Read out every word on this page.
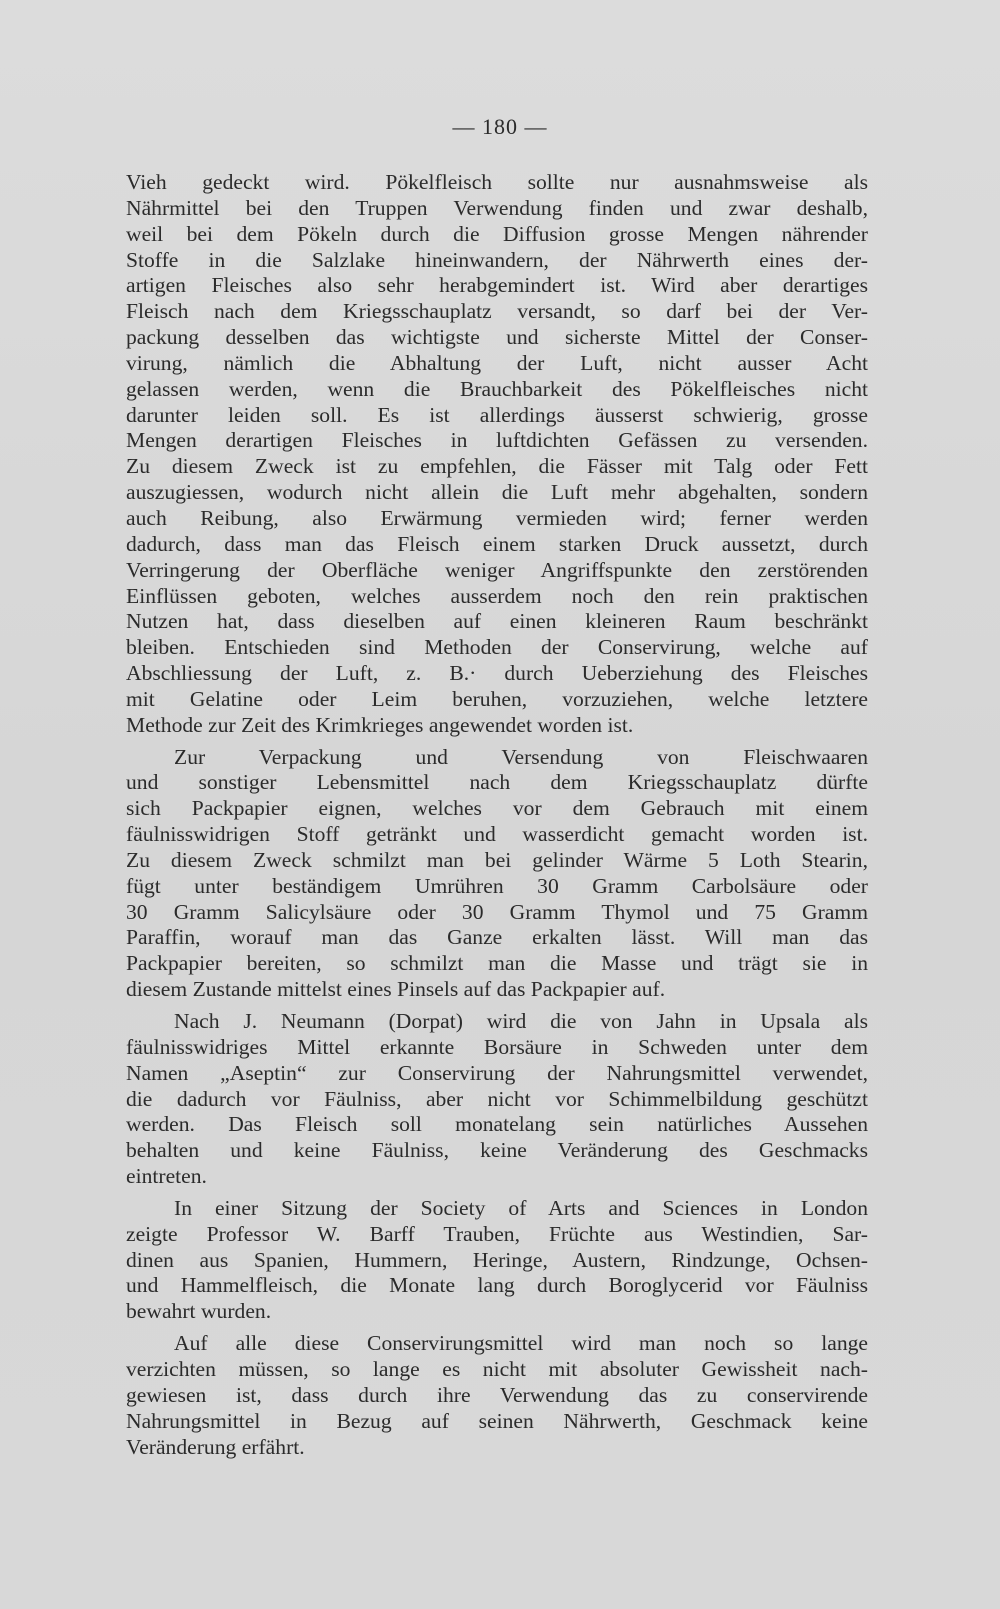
— 180 —
Vieh gedeckt wird. Pökelfleisch sollte nur ausnahmsweise als
Nährmittel bei den Truppen Verwendung finden und zwar deshalb,
weil bei dem Pökeln durch die Diffusion grosse Mengen nährender
Stoffe in die Salzlake hineinwandern, der Nährwerth eines der-
artigen Fleisches also sehr herabgemindert ist. Wird aber derartiges
Fleisch nach dem Kriegsschauplatz versandt, so darf bei der Ver-
packung desselben das wichtigste und sicherste Mittel der Conser-
virung, nämlich die Abhaltung der Luft, nicht ausser Acht
gelassen werden, wenn die Brauchbarkeit des Pökelfleisches nicht
darunter leiden soll. Es ist allerdings äusserst schwierig, grosse
Mengen derartigen Fleisches in luftdichten Gefässen zu versenden.
Zu diesem Zweck ist zu empfehlen, die Fässer mit Talg oder Fett
auszugiessen, wodurch nicht allein die Luft mehr abgehalten, sondern
auch Reibung, also Erwärmung vermieden wird; ferner werden
dadurch, dass man das Fleisch einem starken Druck aussetzt, durch
Verringerung der Oberfläche weniger Angriffspunkte den zerstörenden
Einflüssen geboten, welches ausserdem noch den rein praktischen
Nutzen hat, dass dieselben auf einen kleineren Raum beschränkt
bleiben. Entschieden sind Methoden der Conservirung, welche auf
Abschliessung der Luft, z. B.· durch Ueberziehung des Fleisches
mit Gelatine oder Leim beruhen, vorzuziehen, welche letztere
Methode zur Zeit des Krimkrieges angewendet worden ist.
Zur Verpackung und Versendung von Fleischwaaren
und sonstiger Lebensmittel nach dem Kriegsschauplatz dürfte
sich Packpapier eignen, welches vor dem Gebrauch mit einem
fäulnisswidrigen Stoff getränkt und wasserdicht gemacht worden ist.
Zu diesem Zweck schmilzt man bei gelinder Wärme 5 Loth Stearin,
fügt unter beständigem Umrühren 30 Gramm Carbolsäure oder
30 Gramm Salicylsäure oder 30 Gramm Thymol und 75 Gramm
Paraffin, worauf man das Ganze erkalten lässt. Will man das
Packpapier bereiten, so schmilzt man die Masse und trägt sie in
diesem Zustande mittelst eines Pinsels auf das Packpapier auf.
Nach J. Neumann (Dorpat) wird die von Jahn in Upsala als
fäulnisswidriges Mittel erkannte Borsäure in Schweden unter dem
Namen „Aseptin“ zur Conservirung der Nahrungsmittel verwendet,
die dadurch vor Fäulniss, aber nicht vor Schimmelbildung geschützt
werden. Das Fleisch soll monatelang sein natürliches Aussehen
behalten und keine Fäulniss, keine Veränderung des Geschmacks
eintreten.
In einer Sitzung der Society of Arts and Sciences in London
zeigte Professor W. Barff Trauben, Früchte aus Westindien, Sar-
dinen aus Spanien, Hummern, Heringe, Austern, Rindzunge, Ochsen-
und Hammelfleisch, die Monate lang durch Boroglycerid vor Fäulniss
bewahrt wurden.
Auf alle diese Conservirungsmittel wird man noch so lange
verzichten müssen, so lange es nicht mit absoluter Gewissheit nach-
gewiesen ist, dass durch ihre Verwendung das zu conservirende
Nahrungsmittel in Bezug auf seinen Nährwerth, Geschmack keine
Veränderung erfährt.
